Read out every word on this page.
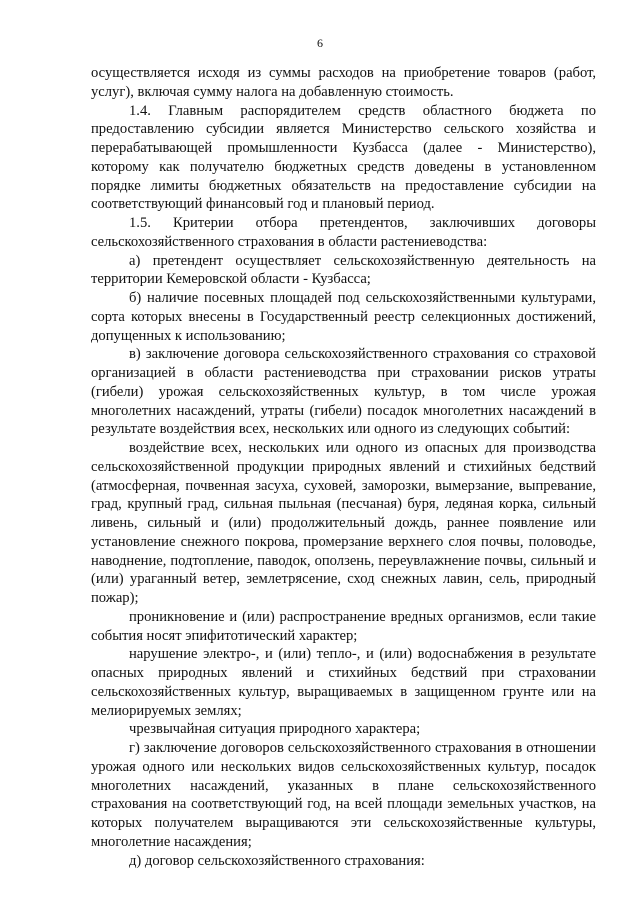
6

осуществляется исходя из суммы расходов на приобретение товаров (работ, услуг), включая сумму налога на добавленную стоимость.

1.4. Главным распорядителем средств областного бюджета по предоставлению субсидии является Министерство сельского хозяйства и перерабатывающей промышленности Кузбасса (далее - Министерство), которому как получателю бюджетных средств доведены в установленном порядке лимиты бюджетных обязательств на предоставление субсидии на соответствующий финансовый год и плановый период.

1.5. Критерии отбора претендентов, заключивших договоры сельскохозяйственного страхования в области растениеводства:

а) претендент осуществляет сельскохозяйственную деятельность на территории Кемеровской области - Кузбасса;

б) наличие посевных площадей под сельскохозяйственными культурами, сорта которых внесены в Государственный реестр селекционных достижений, допущенных к использованию;

в) заключение договора сельскохозяйственного страхования со страховой организацией в области растениеводства при страховании рисков утраты (гибели) урожая сельскохозяйственных культур, в том числе урожая многолетних насаждений, утраты (гибели) посадок многолетних насаждений в результате воздействия всех, нескольких или одного из следующих событий:

воздействие всех, нескольких или одного из опасных для производства сельскохозяйственной продукции природных явлений и стихийных бедствий (атмосферная, почвенная засуха, суховей, заморозки, вымерзание, выпревание, град, крупный град, сильная пыльная (песчаная) буря, ледяная корка, сильный ливень, сильный и (или) продолжительный дождь, раннее появление или установление снежного покрова, промерзание верхнего слоя почвы, половодье, наводнение, подтопление, паводок, оползень, переувлажнение почвы, сильный и (или) ураганный ветер, землетрясение, сход снежных лавин, сель, природный пожар);

проникновение и (или) распространение вредных организмов, если такие события носят эпифитотический характер;

нарушение электро-, и (или) тепло-, и (или) водоснабжения в результате опасных природных явлений и стихийных бедствий при страховании сельскохозяйственных культур, выращиваемых в защищенном грунте или на мелиорируемых землях;

чрезвычайная ситуация природного характера;

г) заключение договоров сельскохозяйственного страхования в отношении урожая одного или нескольких видов сельскохозяйственных культур, посадок многолетних насаждений, указанных в плане сельскохозяйственного страхования на соответствующий год, на всей площади земельных участков, на которых получателем выращиваются эти сельскохозяйственные культуры, многолетние насаждения;

д) договор сельскохозяйственного страхования:
